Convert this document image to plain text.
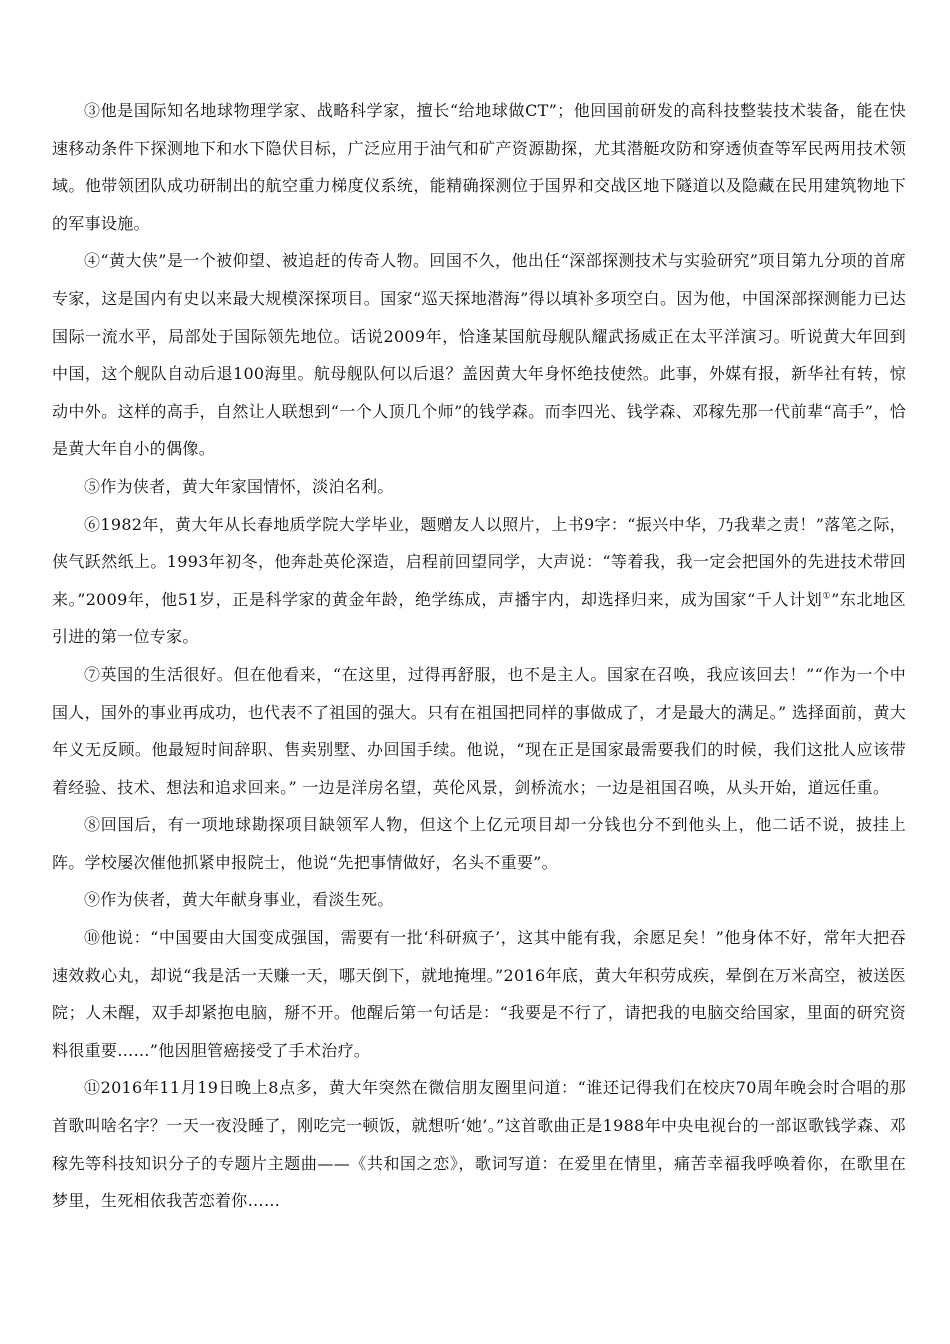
③他是国际知名地球物理学家、战略科学家，擅长“给地球做CT”；他回国前研发的高科技整装技术装备，能在快速移动条件下探测地下和水下隐伏目标，广泛应用于油气和矿产资源勘探，尤其潜艇攻防和穿透侦查等军民两用技术领域。他带领团队成功研制出的航空重力梯度仪系统，能精确探测位于国界和交战区地下隧道以及隐藏在民用建筑物地下的军事设施。

④“黄大侠”是一个被仰望、被追赶的传奇人物。回国不久，他出任“深部探测技术与实验研究”项目第九分项的首席专家，这是国内有史以来最大规模深探项目。国家“巡天探地潜海”得以填补多项空白。因为他，中国深部探测能力已达国际一流水平，局部处于国际领先地位。话说2009年，恰逢某国航母舰队耀武扬威正在太平洋演习。听说黄大年回到中国，这个舰队自动后退100海里。航母舰队何以后退？盖因黄大年身怀绝技使然。此事，外媒有报，新华社有转，惊动中外。这样的高手，自然让人联想到“一个人顶几个师”的钱学森。而李四光、钱学森、邓稼先那一代前辈“高手”，恰是黄大年自小的偶像。

⑤作为侠者，黄大年家国情怀，淡泊名利。

⑥1982年，黄大年从长春地质学院大学毕业，题赠友人以照片，上书9字：“振兴中华，乃我辈之责！”落笔之际，侠气跃然纸上。1993年初冬，他奔赴英伦深造，启程前回望同学，大声说：“等着我，我一定会把国外的先进技术带回来。”2009年，他51岁，正是科学家的黄金年龄，绝学练成，声播宇内，却选择归来，成为国家“千人计划①”东北地区引进的第一位专家。

⑦英国的生活很好。但在他看来，“在这里，过得再舒服，也不是主人。国家在召唤，我应该回去！”“作为一个中国人，国外的事业再成功，也代表不了祖国的强大。只有在祖国把同样的事做成了，才是最大的满足。” 选择面前，黄大年义无反顾。他最短时间辞职、售卖别墅、办回国手续。他说，“现在正是国家最需要我们的时候，我们这批人应该带着经验、技术、想法和追求回来。” 一边是洋房名望，英伦风景，剑桥流水；一边是祖国召唤，从头开始，道远任重。

⑧回国后，有一项地球勘探项目缺领军人物，但这个上亿元项目却一分钱也分不到他头上，他二话不说，披挂上阵。学校屡次催他抓紧申报院士，他说“先把事情做好，名头不重要”。

⑨作为侠者，黄大年献身事业，看淡生死。

⑩他说：“中国要由大国变成强国，需要有一批‘科研疯子’，这其中能有我，余愿足矣！”他身体不好，常年大把吞速效救心丸，却说“我是活一天赚一天，哪天倒下，就地掩埋。”2016年底，黄大年积劳成疾，晕倒在万米高空，被送医院；人未醒，双手却紧抱电脑，掰不开。他醒后第一句话是：“我要是不行了，请把我的电脑交给国家，里面的研究资料很重要……”他因胆管癌接受了手术治疗。

⑪2016年11月19日晚上8点多，黄大年突然在微信朋友圈里问道：“谁还记得我们在校庆70周年晚会时合唱的那首歌叫啥名字？一天一夜没睡了，刚吃完一顿饭，就想听‘她’。”这首歌曲正是1988年中央电视台的一部讴歌钱学森、邓稼先等科技知识分子的专题片主题曲——《共和国之恋》，歌词写道：在爱里在情里，痛苦幸福我呼唤着你，在歌里在梦里，生死相依我苦恋着你……
